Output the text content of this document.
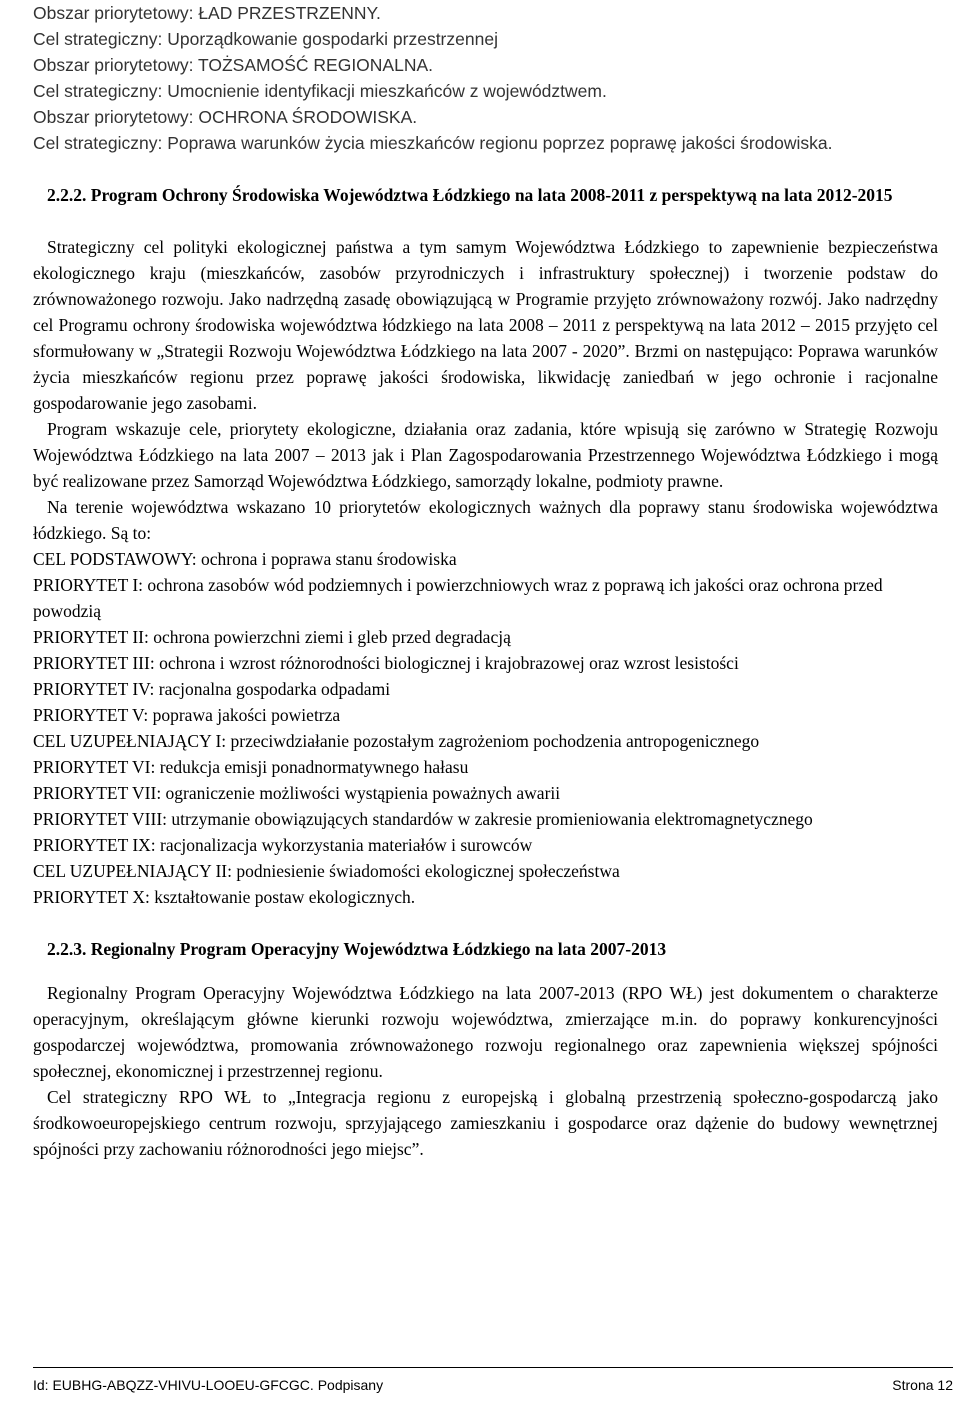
Obszar priorytetowy: ŁAD PRZESTRZENNY.
Cel strategiczny: Uporządkowanie gospodarki przestrzennej
Obszar priorytetowy: TOŻSAMOŚĆ REGIONALNA.
Cel strategiczny: Umocnienie identyfikacji mieszkańców z województwem.
Obszar priorytetowy: OCHRONA ŚRODOWISKA.
Cel strategiczny: Poprawa warunków życia mieszkańców regionu poprzez poprawę jakości środowiska.
2.2.2. Program Ochrony Środowiska Województwa Łódzkiego na lata 2008-2011 z perspektywą na lata 2012-2015

Strategiczny cel polityki ekologicznej państwa a tym samym Województwa Łódzkiego to zapewnienie bezpieczeństwa ekologicznego kraju (mieszkańców, zasobów przyrodniczych i infrastruktury społecznej) i tworzenie podstaw do zrównoważonego rozwoju. Jako nadrzędną zasadę obowiązującą w Programie przyjęto zrównoważony rozwój. Jako nadrzędny cel Programu ochrony środowiska województwa łódzkiego na lata 2008 – 2011 z perspektywą na lata 2012 – 2015 przyjęto cel sformułowany w „Strategii Rozwoju Województwa Łódzkiego na lata 2007 - 2020”. Brzmi on następująco: Poprawa warunków życia mieszkańców regionu przez poprawę jakości środowiska, likwidację zaniedbań w jego ochronie i racjonalne gospodarowanie jego zasobami.

Program wskazuje cele, priorytety ekologiczne, działania oraz zadania, które wpisują się zarówno w Strategię Rozwoju Województwa Łódzkiego na lata 2007 – 2013 jak i Plan Zagospodarowania Przestrzennego Województwa Łódzkiego i mogą być realizowane przez Samorząd Województwa Łódzkiego, samorządy lokalne, podmioty prawne.

Na terenie województwa wskazano 10 priorytetów ekologicznych ważnych dla poprawy stanu środowiska województwa łódzkiego. Są to:

CEL PODSTAWOWY: ochrona i poprawa stanu środowiska
PRIORYTET I: ochrona zasobów wód podziemnych i powierzchniowych wraz z poprawą ich jakości oraz ochrona przed powodzią
PRIORYTET II: ochrona powierzchni ziemi i gleb przed degradacją
PRIORYTET III: ochrona i wzrost różnorodności biologicznej i krajobrazowej oraz wzrost lesistości
PRIORYTET IV: racjonalna gospodarka odpadami
PRIORYTET V: poprawa jakości powietrza
CEL UZUPEŁNIAJĄCY I: przeciwdziałanie pozostałym zagrożeniom pochodzenia antropogenicznego
PRIORYTET VI: redukcja emisji ponadnormatywnego hałasu
PRIORYTET VII: ograniczenie możliwości wystąpienia poważnych awarii
PRIORYTET VIII: utrzymanie obowiązujących standardów w zakresie promieniowania elektromagnetycznego
PRIORYTET IX: racjonalizacja wykorzystania materiałów i surowców
CEL UZUPEŁNIAJĄCY II: podniesienie świadomości ekologicznej społeczeństwa
PRIORYTET X: kształtowanie postaw ekologicznych.
2.2.3. Regionalny Program Operacyjny Województwa Łódzkiego na lata 2007-2013

Regionalny Program Operacyjny Województwa Łódzkiego na lata 2007-2013 (RPO WŁ) jest dokumentem o charakterze operacyjnym, określającym główne kierunki rozwoju województwa, zmierzające m.in. do poprawy konkurencyjności gospodarczej województwa, promowania zrównoważonego rozwoju regionalnego oraz zapewnienia większej spójności społecznej, ekonomicznej i przestrzennej regionu.

Cel strategiczny RPO WŁ to „Integracja regionu z europejską i globalną przestrzenią społeczno-gospodarczą jako środkowoeuropejskiego centrum rozwoju, sprzyjającego zamieszkaniu i gospodarce oraz dążenie do budowy wewnętrznej spójności przy zachowaniu różnorodności jego miejsc”.

Id: EUBHG-ABQZZ-VHIVU-LOOEU-GFCGC. Podpisany	Strona 12
